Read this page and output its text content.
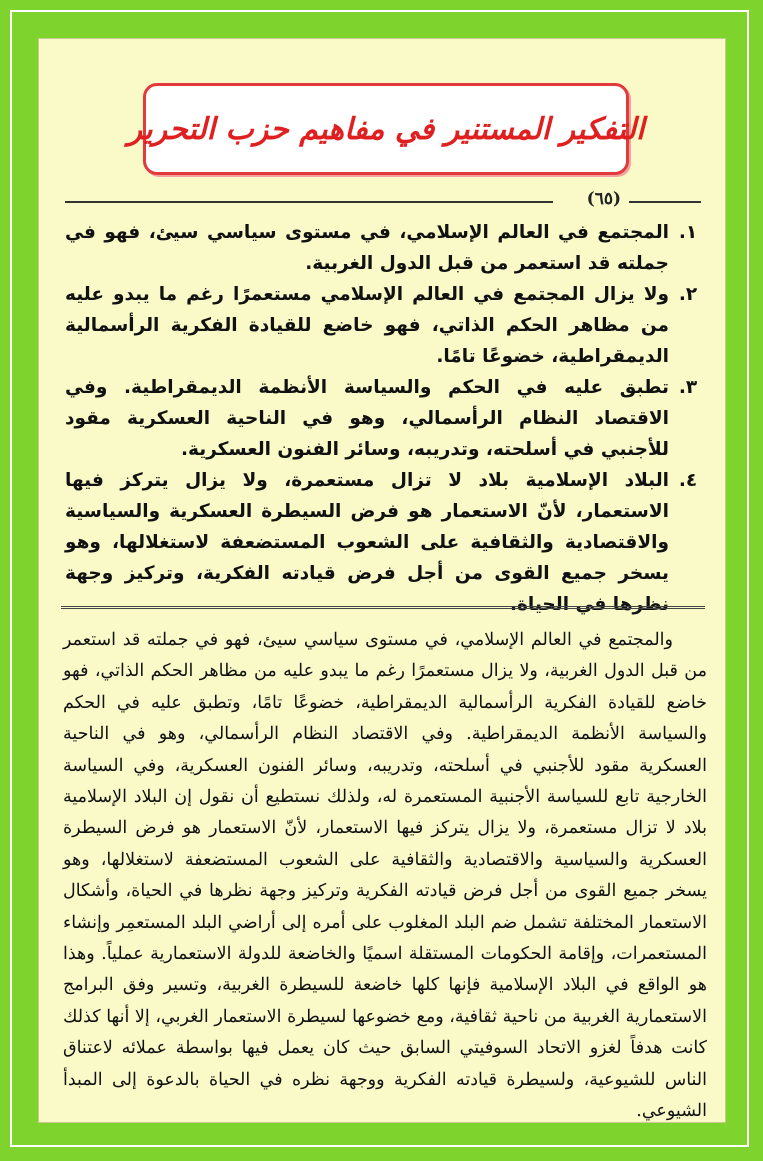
التفكير المستنير في مفاهيم حزب التحرير
(٦٥)
١.
المجتمع في العالم الإسلامي، في مستوى سياسي سيئ، فهو في جملته قد استعمر من قبل الدول الغربية.
٢.
ولا يزال المجتمع في العالم الإسلامي مستعمرًا رغم ما يبدو عليه من مظاهر الحكم الذاتي، فهو خاضع للقيادة الفكرية الرأسمالية الديمقراطية، خضوعًا تامًا.
٣.
تطبق عليه في الحكم والسياسة الأنظمة الديمقراطية. وفي الاقتصاد النظام الرأسمالي، وهو في الناحية العسكرية مقود للأجنبي في أسلحته، وتدريبه، وسائر الفنون العسكرية.
٤.
البلاد الإسلامية بلاد لا تزال مستعمرة، ولا يزال يتركز فيها الاستعمار، لأنّ الاستعمار هو فرض السيطرة العسكرية والسياسية والاقتصادية والثقافية على الشعوب المستضعفة لاستغلالها، وهو يسخر جميع القوى من أجل فرض قيادته الفكرية، وتركيز وجهة نظرها في الحياة.

والمجتمع في العالم الإسلامي، في مستوى سياسي سيئ، فهو في جملته قد استعمر من قبل الدول الغربية، ولا يزال مستعمرًا رغم ما يبدو عليه من مظاهر الحكم الذاتي، فهو خاضع للقيادة الفكرية الرأسمالية الديمقراطية، خضوعًا تامًا، وتطبق عليه في الحكم والسياسة الأنظمة الديمقراطية. وفي الاقتصاد النظام الرأسمالي، وهو في الناحية العسكرية مقود للأجنبي في أسلحته، وتدريبه، وسائر الفنون العسكرية، وفي السياسة الخارجية تابع للسياسة الأجنبية المستعمرة له، ولذلك نستطيع أن نقول إن البلاد الإسلامية بلاد لا تزال مستعمرة، ولا يزال يتركز فيها الاستعمار، لأنّ الاستعمار هو فرض السيطرة العسكرية والسياسية والاقتصادية والثقافية على الشعوب المستضعفة لاستغلالها، وهو يسخر جميع القوى من أجل فرض قيادته الفكرية وتركيز وجهة نظرها في الحياة، وأشكال الاستعمار المختلفة تشمل ضم البلد المغلوب على أمره إلى أراضي البلد المستعمِر وإنشاء المستعمرات، وإقامة الحكومات المستقلة اسميًا والخاضعة للدولة الاستعمارية عملياً. وهذا هو الواقع في البلاد الإسلامية فإنها كلها خاضعة للسيطرة الغربية، وتسير وفق البرامج الاستعمارية الغربية من ناحية ثقافية، ومع خضوعها لسيطرة الاستعمار الغربي، إلا أنها كذلك كانت هدفاً لغزو الاتحاد السوفيتي السابق حيث كان يعمل فيها بواسطة عملائه لاعتناق الناس للشيوعية، ولسيطرة قيادته الفكرية ووجهة نظره في الحياة بالدعوة إلى المبدأ الشيوعي.
